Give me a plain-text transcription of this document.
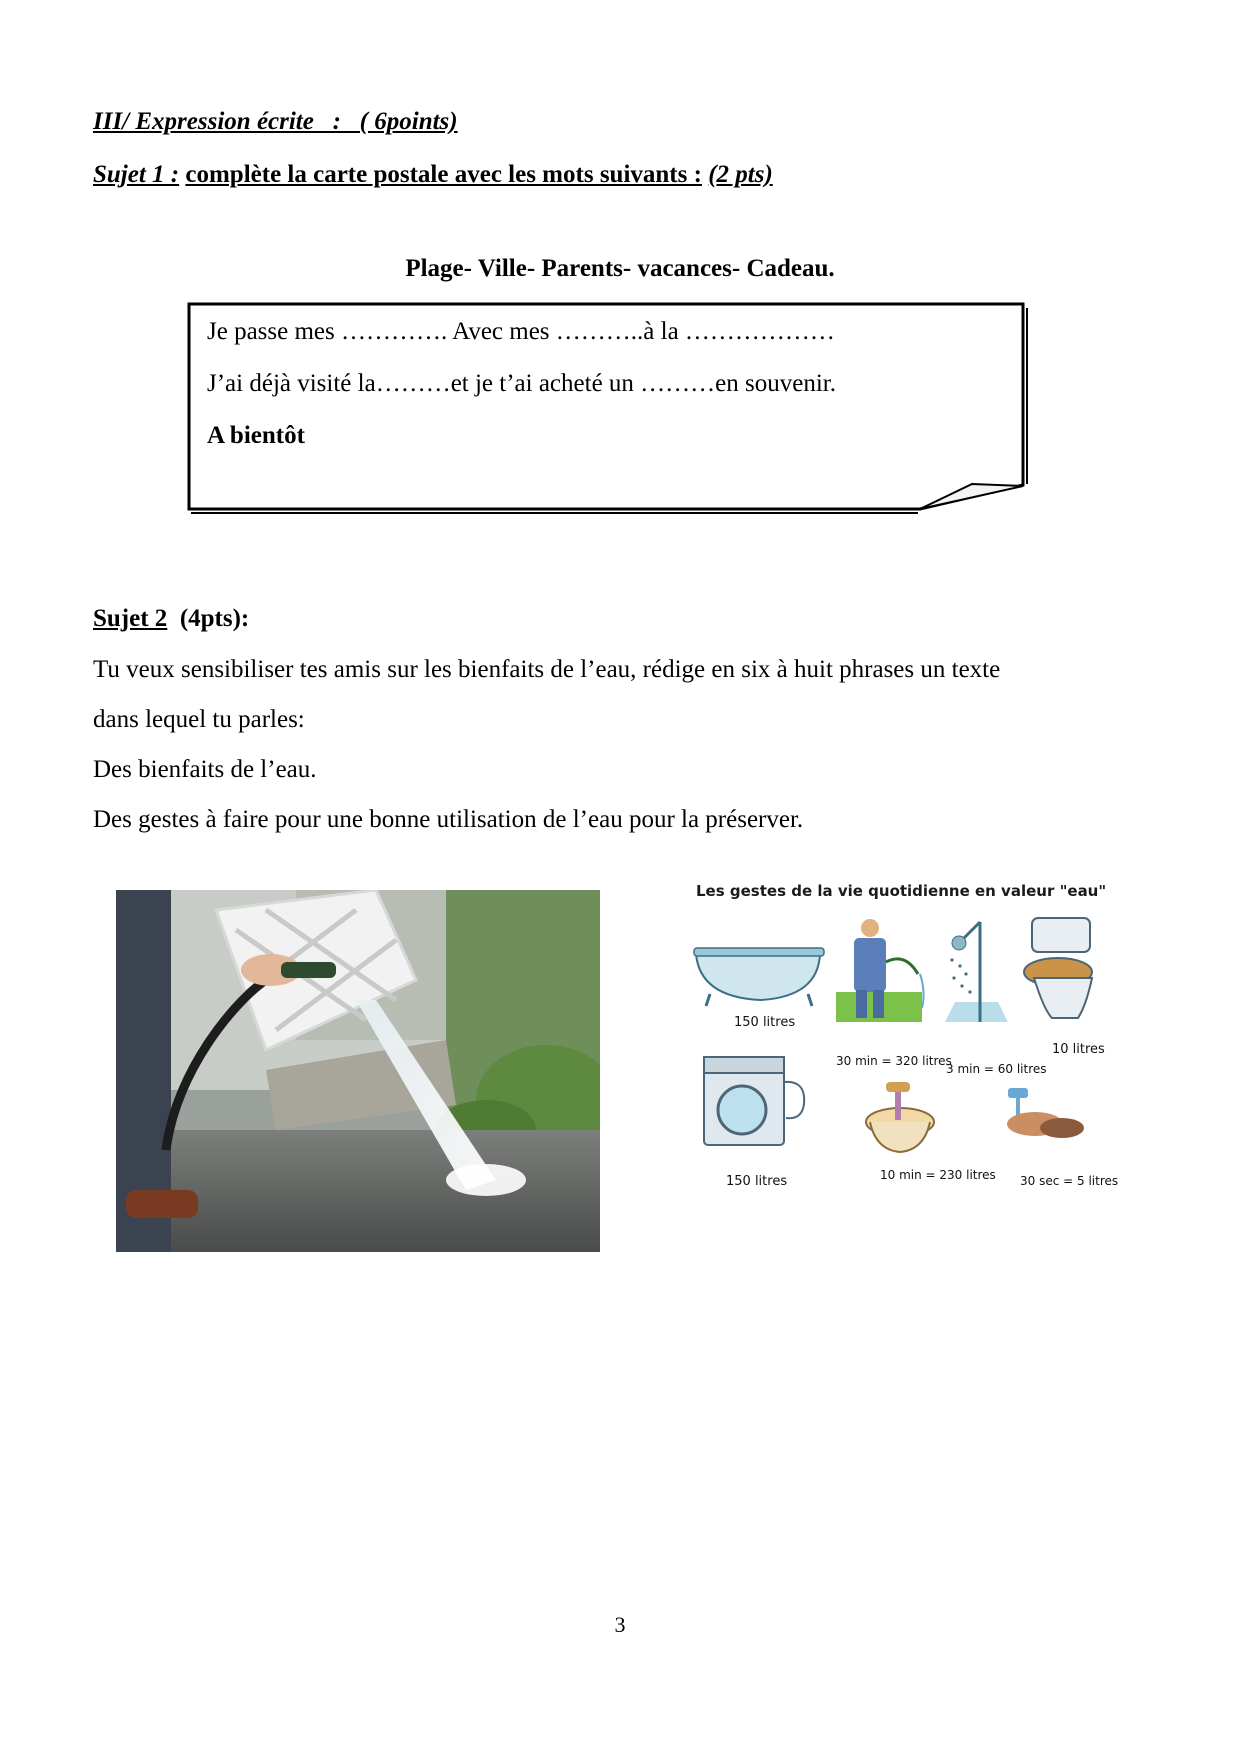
III/ Expression écrite   :   ( 6points)
Sujet 1 : complète la carte postale avec les mots suivants : (2 pts)
Plage- Ville- Parents- vacances- Cadeau.
Je passe mes …………. Avec mes ………..à la ………………
J’ai déjà visité la………et je t’ai acheté un ………en souvenir.
A bientôt
Sujet 2 (4pts):
Tu veux sensibiliser tes amis sur les bienfaits de l’eau, rédige en six à huit phrases un texte
dans lequel tu parles:
Des bienfaits de l’eau.
Des gestes à faire pour une bonne utilisation de l’eau pour la préserver.
Les gestes de la vie quotidienne en valeur "eau"
150 litres
30 min = 320 litres
3 min = 60 litres
10 litres
150 litres	10 min = 230 litres 30 sec = 5 litres
3
